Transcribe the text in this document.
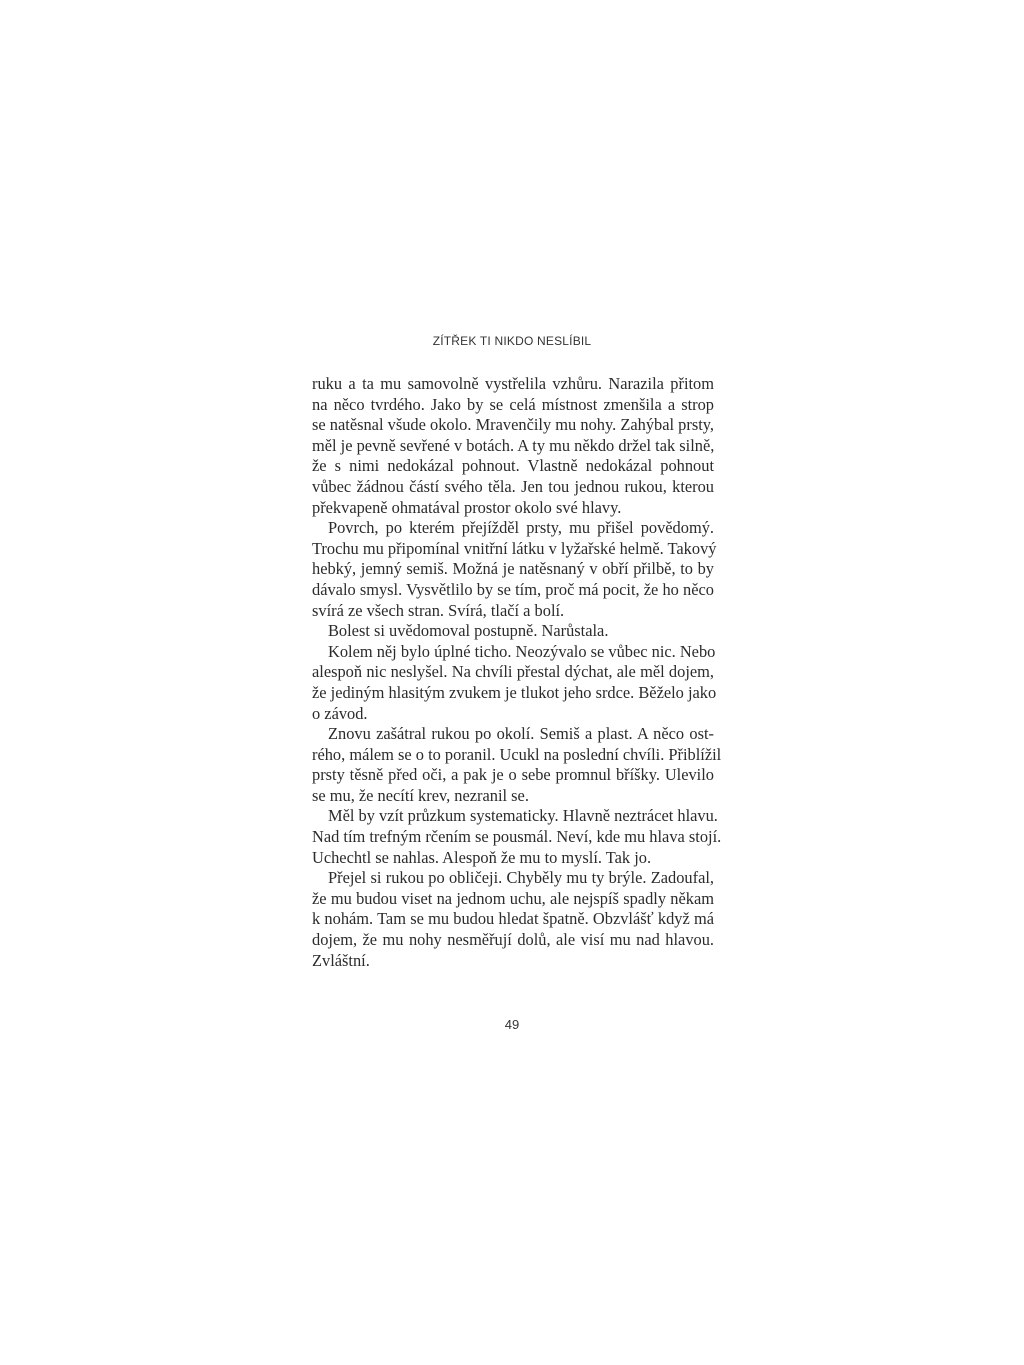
ZÍTŘEK TI NIKDO NESLÍBIL
ruku a ta mu samovolně vystřelila vzhůru. Narazila přitom
na něco tvrdého. Jako by se celá místnost zmenšila a strop
se natěsnal všude okolo. Mravenčily mu nohy. Zahýbal prsty,
měl je pevně sevřené v botách. A ty mu někdo držel tak silně,
že s nimi nedokázal pohnout. Vlastně nedokázal pohnout
vůbec žádnou částí svého těla. Jen tou jednou rukou, kterou
překvapeně ohmatával prostor okolo své hlavy.
Povrch, po kterém přejížděl prsty, mu přišel povědomý.
Trochu mu připomínal vnitřní látku v lyžařské helmě. Takový
hebký, jemný semiš. Možná je natěsnaný v obří přilbě, to by
dávalo smysl. Vysvětlilo by se tím, proč má pocit, že ho něco
svírá ze všech stran. Svírá, tlačí a bolí.
Bolest si uvědomoval postupně. Narůstala.
Kolem něj bylo úplné ticho. Neozývalo se vůbec nic. Nebo
alespoň nic neslyšel. Na chvíli přestal dýchat, ale měl dojem,
že jediným hlasitým zvukem je tlukot jeho srdce. Běželo jako
o závod.
Znovu zašátral rukou po okolí. Semiš a plast. A něco ost-
rého, málem se o to poranil. Ucukl na poslední chvíli. Přiblížil
prsty těsně před oči, a pak je o sebe promnul bříšky. Ulevilo
se mu, že necítí krev, nezranil se.
Měl by vzít průzkum systematicky. Hlavně neztrácet hlavu.
Nad tím trefným rčením se pousmál. Neví, kde mu hlava stojí.
Uchechtl se nahlas. Alespoň že mu to myslí. Tak jo.
Přejel si rukou po obličeji. Chyběly mu ty brýle. Zadoufal,
že mu budou viset na jednom uchu, ale nejspíš spadly někam
k nohám. Tam se mu budou hledat špatně. Obzvlášť když má
dojem, že mu nohy nesměřují dolů, ale visí mu nad hlavou.
Zvláštní.
49
